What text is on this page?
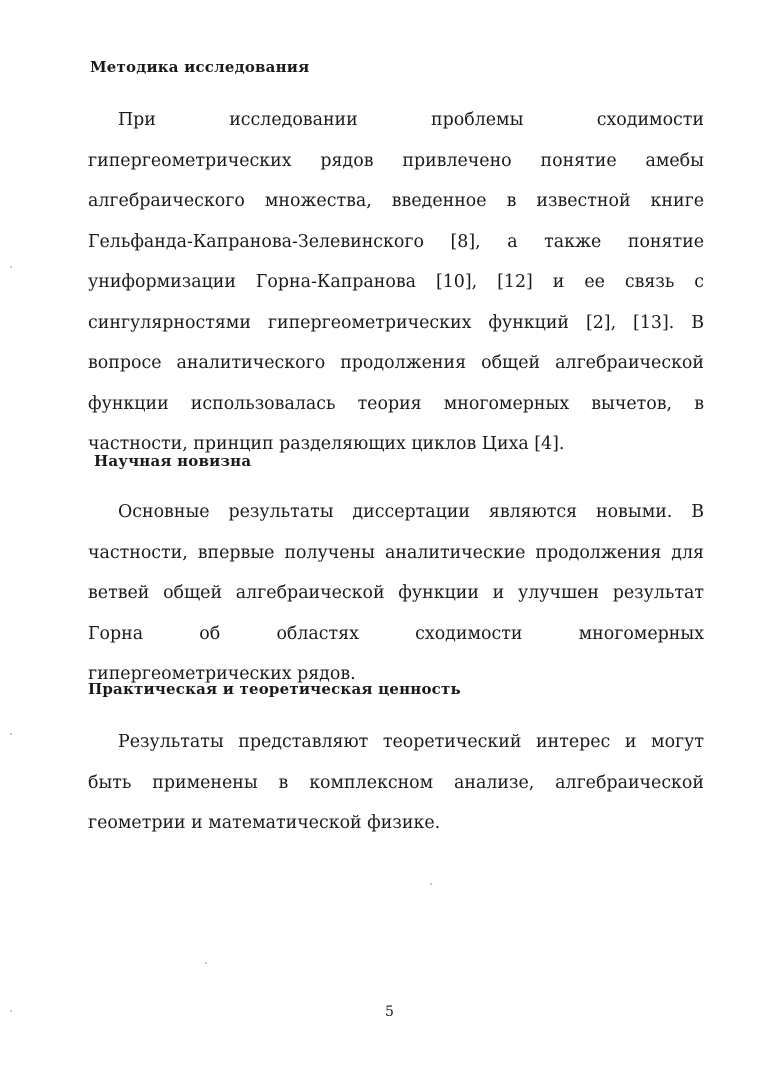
Методика исследования

При исследовании проблемы сходимости гипергеометрических рядов привлечено понятие амебы алгебраического множества, введенное в известной книге Гельфанда-Капранова-Зелевинского [8], а также понятие униформизации Горна-Капранова [10], [12] и ее связь с сингулярностями гипергеометрических функций [2], [13]. В вопросе аналитического продолжения общей алгебраической функции использовалась теория многомерных вычетов, в частности, принцип разделяющих циклов Циха [4].

Научная новизна

Основные результаты диссертации являются новыми. В частности, впервые получены аналитические продолжения для ветвей общей алгебраической функции и улучшен результат Горна об областях сходимости многомерных гипергеометрических рядов.

Практическая и теоретическая ценность

Результаты представляют теоретический интерес и могут быть применены в комплексном анализе, алгебраической геометрии и математической физике.

5
